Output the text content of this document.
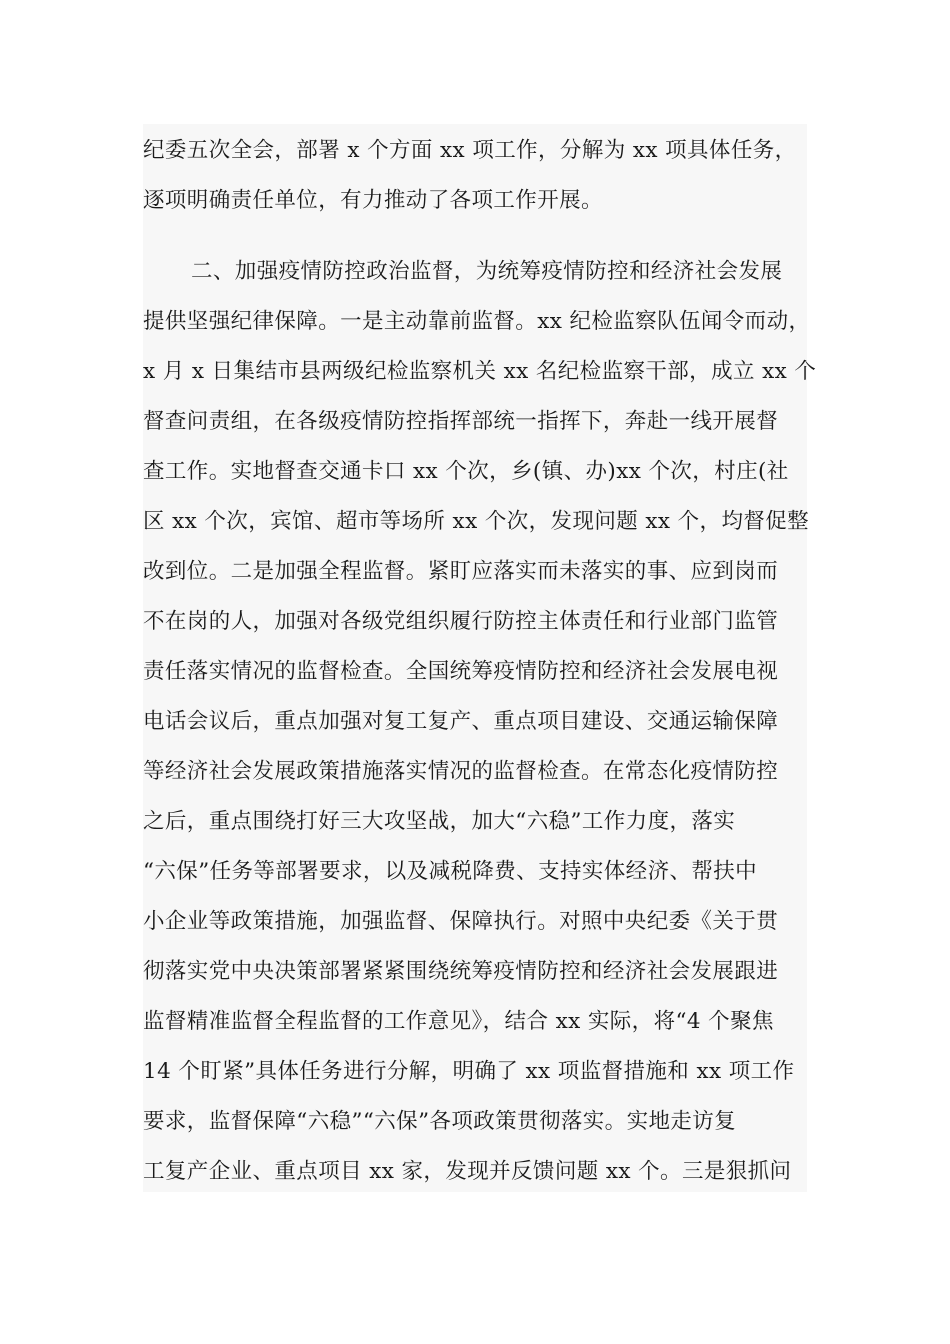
纪委五次全会，部署 x 个方面 xx 项工作，分解为 xx 项具体任务，
逐项明确责任单位，有力推动了各项工作开展。
二、加强疫情防控政治监督，为统筹疫情防控和经济社会发展
提供坚强纪律保障。一是主动靠前监督。xx 纪检监察队伍闻令而动，
x 月 x 日集结市县两级纪检监察机关 xx 名纪检监察干部，成立 xx 个
督查问责组，在各级疫情防控指挥部统一指挥下，奔赴一线开展督
查工作。实地督查交通卡口 xx 个次，乡(镇、办)xx 个次，村庄(社
区 xx 个次，宾馆、超市等场所 xx 个次，发现问题 xx 个，均督促整
改到位。二是加强全程监督。紧盯应落实而未落实的事、应到岗而
不在岗的人，加强对各级党组织履行防控主体责任和行业部门监管
责任落实情况的监督检查。全国统筹疫情防控和经济社会发展电视
电话会议后，重点加强对复工复产、重点项目建设、交通运输保障
等经济社会发展政策措施落实情况的监督检查。在常态化疫情防控
之后，重点围绕打好三大攻坚战，加大“六稳”工作力度，落实
“六保”任务等部署要求，以及减税降费、支持实体经济、帮扶中
小企业等政策措施，加强监督、保障执行。对照中央纪委《关于贯
彻落实党中央决策部署紧紧围绕统筹疫情防控和经济社会发展跟进
监督精准监督全程监督的工作意见》，结合 xx 实际，将“4 个聚焦
14 个盯紧”具体任务进行分解，明确了 xx 项监督措施和 xx 项工作
要求，监督保障“六稳”“六保”各项政策贯彻落实。实地走访复
工复产企业、重点项目 xx 家，发现并反馈问题 xx 个。三是狠抓问
